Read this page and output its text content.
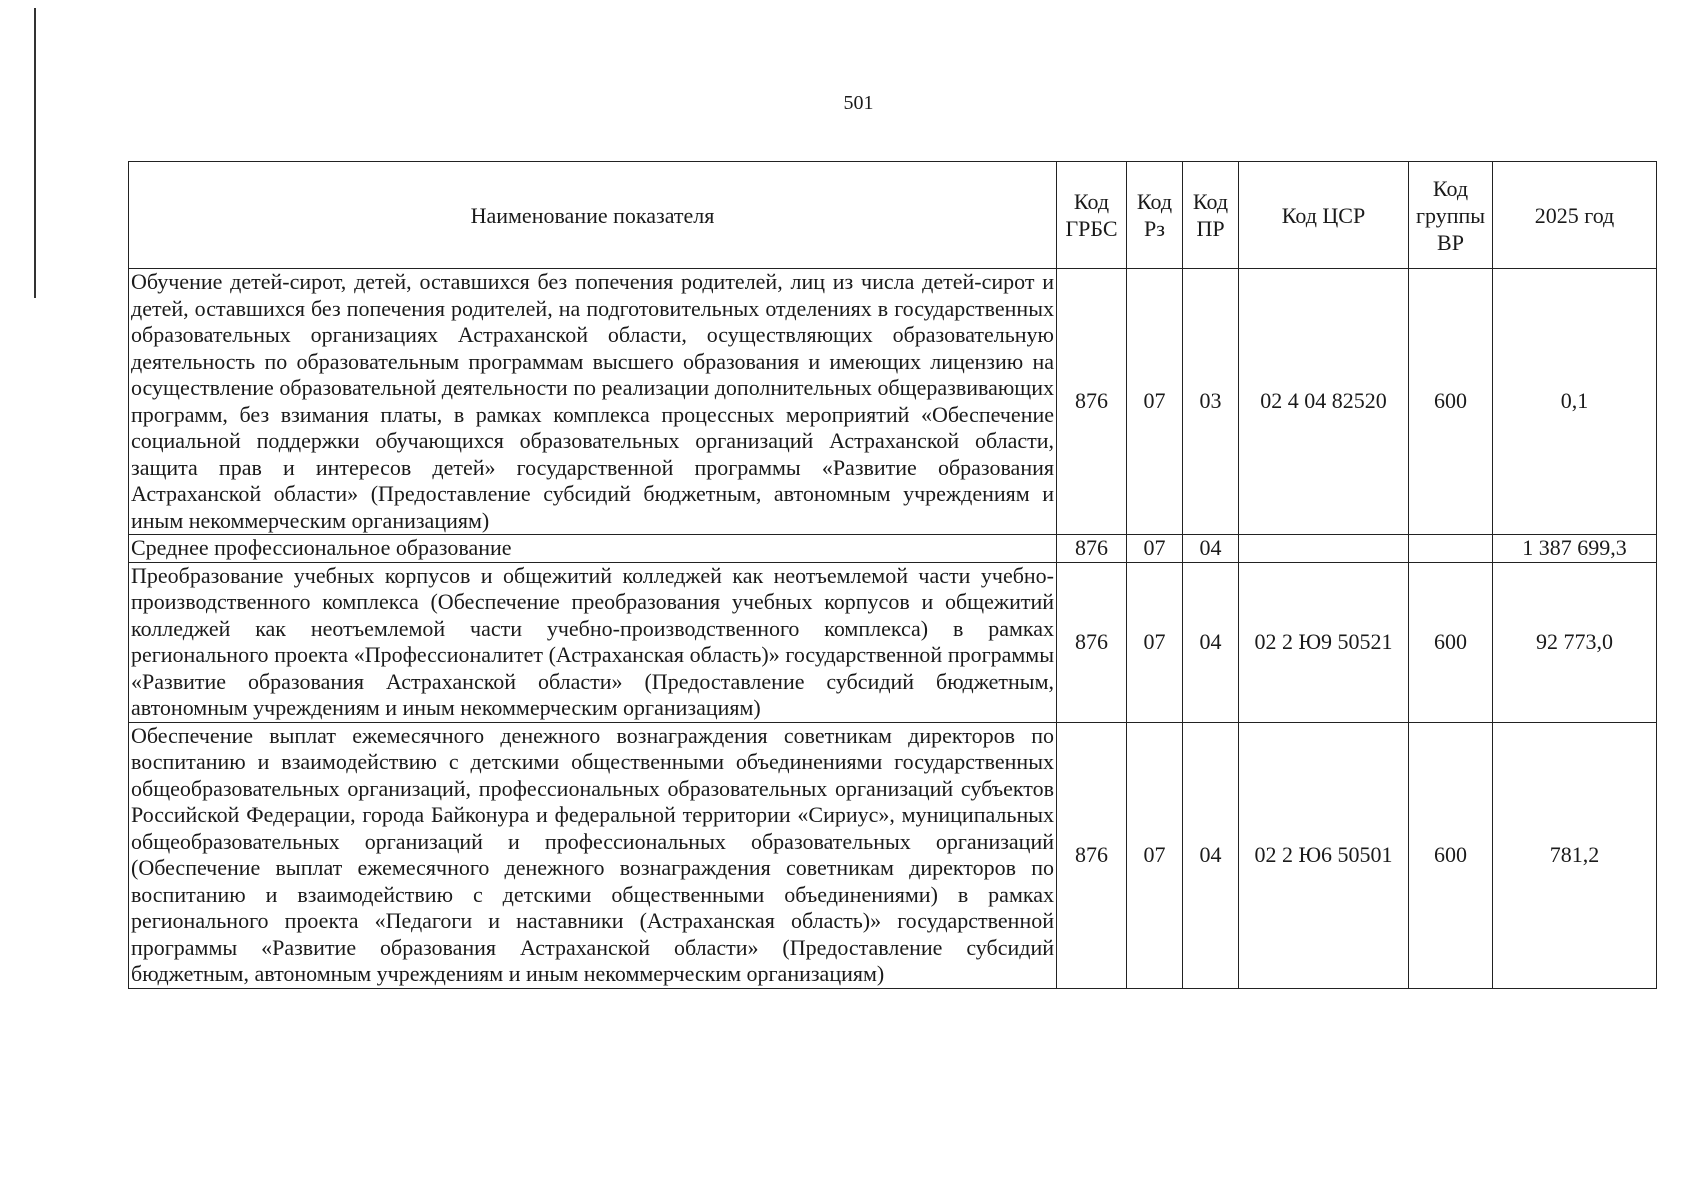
501
Наименование показателя	Код ГРБС	Код Рз	Код ПР	Код ЦСР	Код группы ВР	2025 год
Обучение детей-сирот, детей, оставшихся без попечения родителей, лиц из числа детей-сирот и детей, оставшихся без попечения родителей, на подготовительных отделениях в государственных образовательных организациях Астраханской области, осуществляющих образовательную деятельность по образовательным программам высшего образования и имеющих лицензию на осуществление образовательной деятельности по реализации дополнительных общеразвивающих программ, без взимания платы, в рамках комплекса процессных мероприятий «Обеспечение социальной поддержки обучающихся образовательных организаций Астраханской области, защита прав и интересов детей» государственной программы «Развитие образования Астраханской области» (Предоставление субсидий бюджетным, автономным учреждениям и иным некоммерческим организациям)	876	07	03	02 4 04 82520	600	0,1
Среднее профессиональное образование	876	07	04			1 387 699,3
Преобразование учебных корпусов и общежитий колледжей как неотъемлемой части учебно-производственного комплекса (Обеспечение преобразования учебных корпусов и общежитий колледжей как неотъемлемой части учебно-производственного комплекса) в рамках регионального проекта «Профессионалитет (Астраханская область)» государственной программы «Развитие образования Астраханской области» (Предоставление субсидий бюджетным, автономным учреждениям и иным некоммерческим организациям)	876	07	04	02 2 Ю9 50521	600	92 773,0
Обеспечение выплат ежемесячного денежного вознаграждения советникам директоров по воспитанию и взаимодействию с детскими общественными объединениями государственных общеобразовательных организаций, профессиональных образовательных организаций субъектов Российской Федерации, города Байконура и федеральной территории «Сириус», муниципальных общеобразовательных организаций и профессиональных образовательных организаций (Обеспечение выплат ежемесячного денежного вознаграждения советникам директоров по воспитанию и взаимодействию с детскими общественными объединениями) в рамках регионального проекта «Педагоги и наставники (Астраханская область)» государственной программы «Развитие образования Астраханской области» (Предоставление субсидий бюджетным, автономным учреждениям и иным некоммерческим организациям)	876	07	04	02 2 Ю6 50501	600	781,2
